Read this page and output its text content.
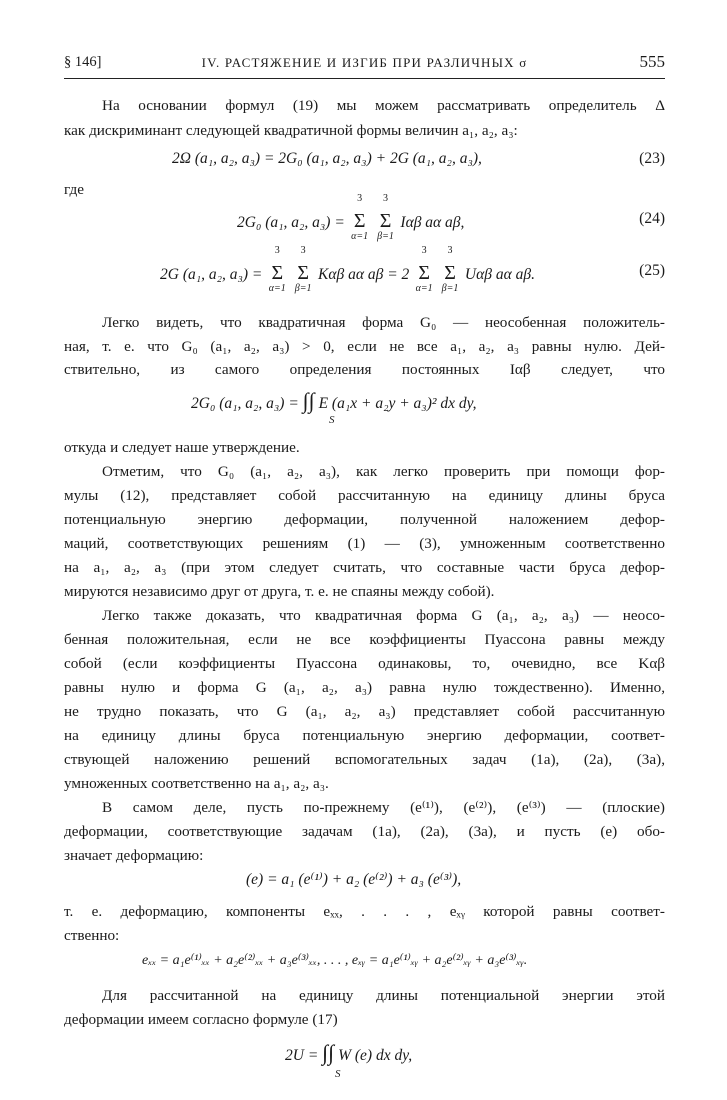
§ 146]	IV. РАСТЯЖЕНИЕ И ИЗГИБ ПРИ РАЗЛИЧНЫХ σ	555
На основании формул (19) мы можем рассматривать определитель Δ
как дискриминант следующей квадратичной формы величин a₁, a₂, a₃:
2Ω (a₁, a₂, a₃) = 2G₀ (a₁, a₂, a₃) + 2G (a₁, a₂, a₃),	(23)
где
2G₀ (a₁, a₂, a₃) =
3
Σ
α=1

3
Σ
β=1
Iαβ aα aβ,	(24)
2G (a₁, a₂, a₃) =
3
Σ
α=1

3
Σ
β=1
Kαβ aα aβ = 2
3
Σ
α=1

3
Σ
β=1
Uαβ aα aβ.	(25)
Легко видеть, что квадратичная форма G₀ — неособенная положитель-
ная, т. е. что G₀ (a₁, a₂, a₃) > 0, если не все a₁, a₂, a₃ равны нулю. Дей-
ствительно, из самого определения постоянных Iαβ следует, что
2G₀ (a₁, a₂, a₃) = ∫∫ E (a₁x + a₂y + a₃)² dx dy,
S
откуда и следует наше утверждение.
Отметим, что G₀ (a₁, a₂, a₃), как легко проверить при помощи фор-
мулы (12), представляет собой рассчитанную на единицу длины бруса
потенциальную энергию деформации, полученной наложением дефор-
маций, соответствующих решениям (1) — (3), умноженным соответственно
на a₁, a₂, a₃ (при этом следует считать, что составные части бруса дефор-
мируются независимо друг от друга, т. е. не спаяны между собой).
Легко также доказать, что квадратичная форма G (a₁, a₂, a₃) — неосо-
бенная положительная, если не все коэффициенты Пуассона равны между
собой (если коэффициенты Пуассона одинаковы, то, очевидно, все Kαβ
равны нулю и форма G (a₁, a₂, a₃) равна нулю тождественно). Именно,
не трудно показать, что G (a₁, a₂, a₃) представляет собой рассчитанную
на единицу длины бруса потенциальную энергию деформации, соответ-
ствующей наложению решений вспомогательных задач (1a), (2a), (3a),
умноженных соответственно на a₁, a₂, a₃.
В самом деле, пусть по-прежнему (e⁽¹⁾), (e⁽²⁾), (e⁽³⁾) — (плоские)
деформации, соответствующие задачам (1a), (2a), (3a), и пусть (e) обо-
значает деформацию:
(e) = a₁ (e⁽¹⁾) + a₂ (e⁽²⁾) + a₃ (e⁽³⁾),
т. е. деформацию, компоненты eₓₓ, . . . , eₓᵧ которой равны соответ-
ственно:
eₓₓ = a₁e⁽¹⁾ₓₓ + a₂e⁽²⁾ₓₓ + a₃e⁽³⁾ₓₓ, . . . , eₓᵧ = a₁e⁽¹⁾ₓᵧ + a₂e⁽²⁾ₓᵧ + a₃e⁽³⁾ₓᵧ.
Для рассчитанной на единицу длины потенциальной энергии этой
деформации имеем согласно формуле (17)
2U = ∫∫ W (e) dx dy,
S
